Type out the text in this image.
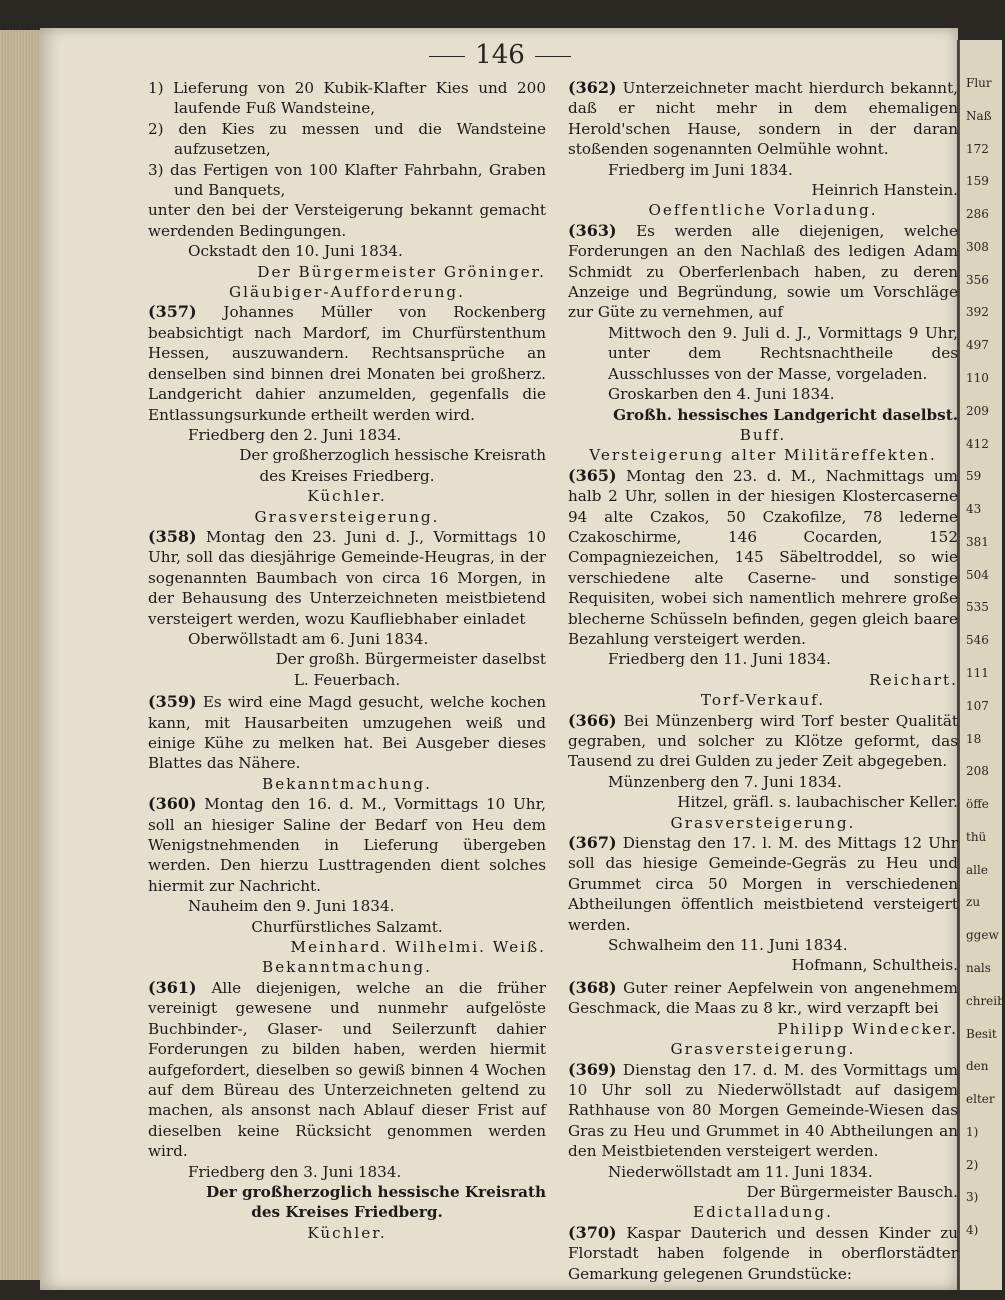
Flur
Naß
172
159
286
308
356
392
497
110
209
412
59
43
381
504
535
546
111
107
18
208
öffe
thü
alle
zu
ggew
nals
chreib
Besit
den
elter
1)
2)
3)
4)

146

1) Lieferung von 20 Kubik-Klafter Kies und 200 laufende Fuß Wandsteine,

2) den Kies zu messen und die Wandsteine aufzusetzen,

3) das Fertigen von 100 Klafter Fahrbahn, Graben und Banquets,

unter den bei der Versteigerung bekannt gemacht werdenden Bedingungen.

Ockstadt den 10. Juni 1834.

Der Bürgermeister Gröninger.

Gläubiger-Aufforderung.

(357) Johannes Müller von Rockenberg beabsichtigt nach Mardorf, im Churfürstenthum Hessen, auszuwandern. Rechtsansprüche an denselben sind binnen drei Monaten bei großherz. Landgericht dahier anzumelden, gegenfalls die Entlassungsurkunde ertheilt werden wird.

Friedberg den 2. Juni 1834.

Der großherzoglich hessische Kreisrath

des Kreises Friedberg.

Küchler.

Grasversteigerung.

(358) Montag den 23. Juni d. J., Vormittags 10 Uhr, soll das diesjährige Gemeinde-Heugras, in der sogenannten Baumbach von circa 16 Morgen, in der Behausung des Unterzeichneten meistbietend versteigert werden, wozu Kaufliebhaber einladet

Oberwöllstadt am 6. Juni 1834.

Der großh. Bürgermeister daselbst

L. Feuerbach.

(359) Es wird eine Magd gesucht, welche kochen kann, mit Hausarbeiten umzugehen weiß und einige Kühe zu melken hat. Bei Ausgeber dieses Blattes das Nähere.

Bekanntmachung.

(360) Montag den 16. d. M., Vormittags 10 Uhr, soll an hiesiger Saline der Bedarf von Heu dem Wenigstnehmenden in Lieferung übergeben werden. Den hierzu Lusttragenden dient solches hiermit zur Nachricht.

Nauheim den 9. Juni 1834.

Churfürstliches Salzamt.

Meinhard. Wilhelmi. Weiß.

Bekanntmachung.

(361) Alle diejenigen, welche an die früher vereinigt gewesene und nunmehr aufgelöste Buchbinder-, Glaser- und Seilerzunft dahier Forderungen zu bilden haben, werden hiermit aufgefordert, dieselben so gewiß binnen 4 Wochen auf dem Büreau des Unterzeichneten geltend zu machen, als ansonst nach Ablauf dieser Frist auf dieselben keine Rücksicht genommen werden wird.

Friedberg den 3. Juni 1834.

Der großherzoglich hessische Kreisrath

des Kreises Friedberg.

Küchler.

(362) Unterzeichneter macht hierdurch bekannt, daß er nicht mehr in dem ehemaligen Herold'schen Hause, sondern in der daran stoßenden sogenannten Oelmühle wohnt.

Friedberg im Juni 1834.

Heinrich Hanstein.

Oeffentliche Vorladung.

(363) Es werden alle diejenigen, welche Forderungen an den Nachlaß des ledigen Adam Schmidt zu Oberferlenbach haben, zu deren Anzeige und Begründung, sowie um Vorschläge zur Güte zu vernehmen, auf

Mittwoch den 9. Juli d. J., Vormittags 9 Uhr, unter dem Rechtsnachtheile des Ausschlusses von der Masse, vorgeladen.

Groskarben den 4. Juni 1834.

Großh. hessisches Landgericht daselbst.

Buff.

Versteigerung alter Militäreffekten.

(365) Montag den 23. d. M., Nachmittags um halb 2 Uhr, sollen in der hiesigen Klostercaserne 94 alte Czakos, 50 Czakofilze, 78 lederne Czakoschirme, 146 Cocarden, 152 Compagniezeichen, 145 Säbeltroddel, so wie verschiedene alte Caserne- und sonstige Requisiten, wobei sich namentlich mehrere große blecherne Schüsseln befinden, gegen gleich baare Bezahlung versteigert werden.

Friedberg den 11. Juni 1834.

Reichart.

Torf-Verkauf.

(366) Bei Münzenberg wird Torf bester Qualität gegraben, und solcher zu Klötze geformt, das Tausend zu drei Gulden zu jeder Zeit abgegeben.

Münzenberg den 7. Juni 1834.

Hitzel, gräfl. s. laubachischer Keller.

Grasversteigerung.

(367) Dienstag den 17. l. M. des Mittags 12 Uhr soll das hiesige Gemeinde-Gegräs zu Heu und Grummet circa 50 Morgen in verschiedenen Abtheilungen öffentlich meistbietend versteigert werden.

Schwalheim den 11. Juni 1834.

Hofmann, Schultheis.

(368) Guter reiner Aepfelwein von angenehmem Geschmack, die Maas zu 8 kr., wird verzapft bei

Philipp Windecker.

Grasversteigerung.

(369) Dienstag den 17. d. M. des Vormittags um 10 Uhr soll zu Niederwöllstadt auf dasigem Rathhause von 80 Morgen Gemeinde-Wiesen das Gras zu Heu und Grummet in 40 Abtheilungen an den Meistbietenden versteigert werden.

Niederwöllstadt am 11. Juni 1834.

Der Bürgermeister Bausch.

Edictalladung.

(370) Kaspar Dauterich und dessen Kinder zu Florstadt haben folgende in oberflorstädter Gemarkung gelegenen Grundstücke:
